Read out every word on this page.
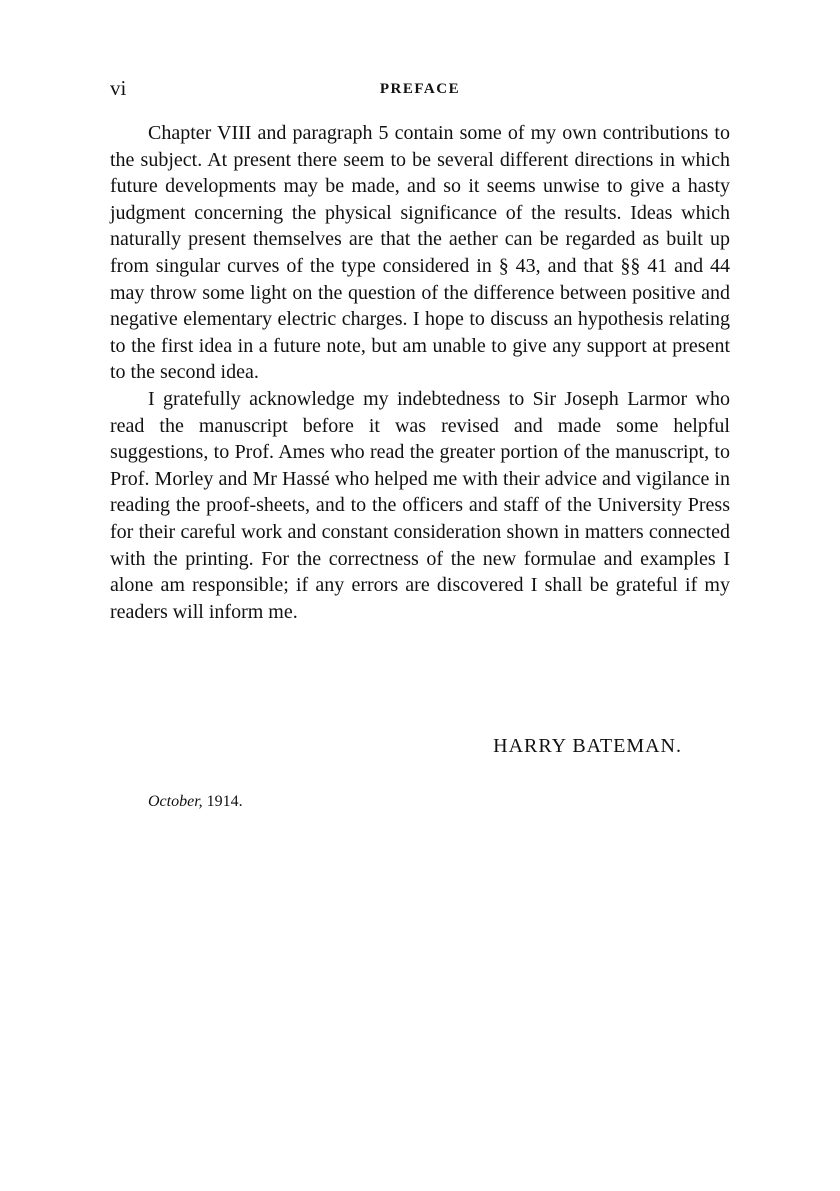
vi	PREFACE

Chapter VIII and paragraph 5 contain some of my own contributions to the subject. At present there seem to be several different directions in which future developments may be made, and so it seems unwise to give a hasty judgment concerning the physical significance of the results. Ideas which naturally present themselves are that the aether can be regarded as built up from singular curves of the type considered in § 43, and that §§ 41 and 44 may throw some light on the question of the difference between positive and negative elementary electric charges. I hope to discuss an hypothesis relating to the first idea in a future note, but am unable to give any support at present to the second idea.

I gratefully acknowledge my indebtedness to Sir Joseph Larmor who read the manuscript before it was revised and made some helpful suggestions, to Prof. Ames who read the greater portion of the manuscript, to Prof. Morley and Mr Hassé who helped me with their advice and vigilance in reading the proof-sheets, and to the officers and staff of the University Press for their careful work and constant consideration shown in matters connected with the printing. For the correctness of the new formulae and examples I alone am responsible; if any errors are discovered I shall be grateful if my readers will inform me.

HARRY BATEMAN.
October, 1914.
